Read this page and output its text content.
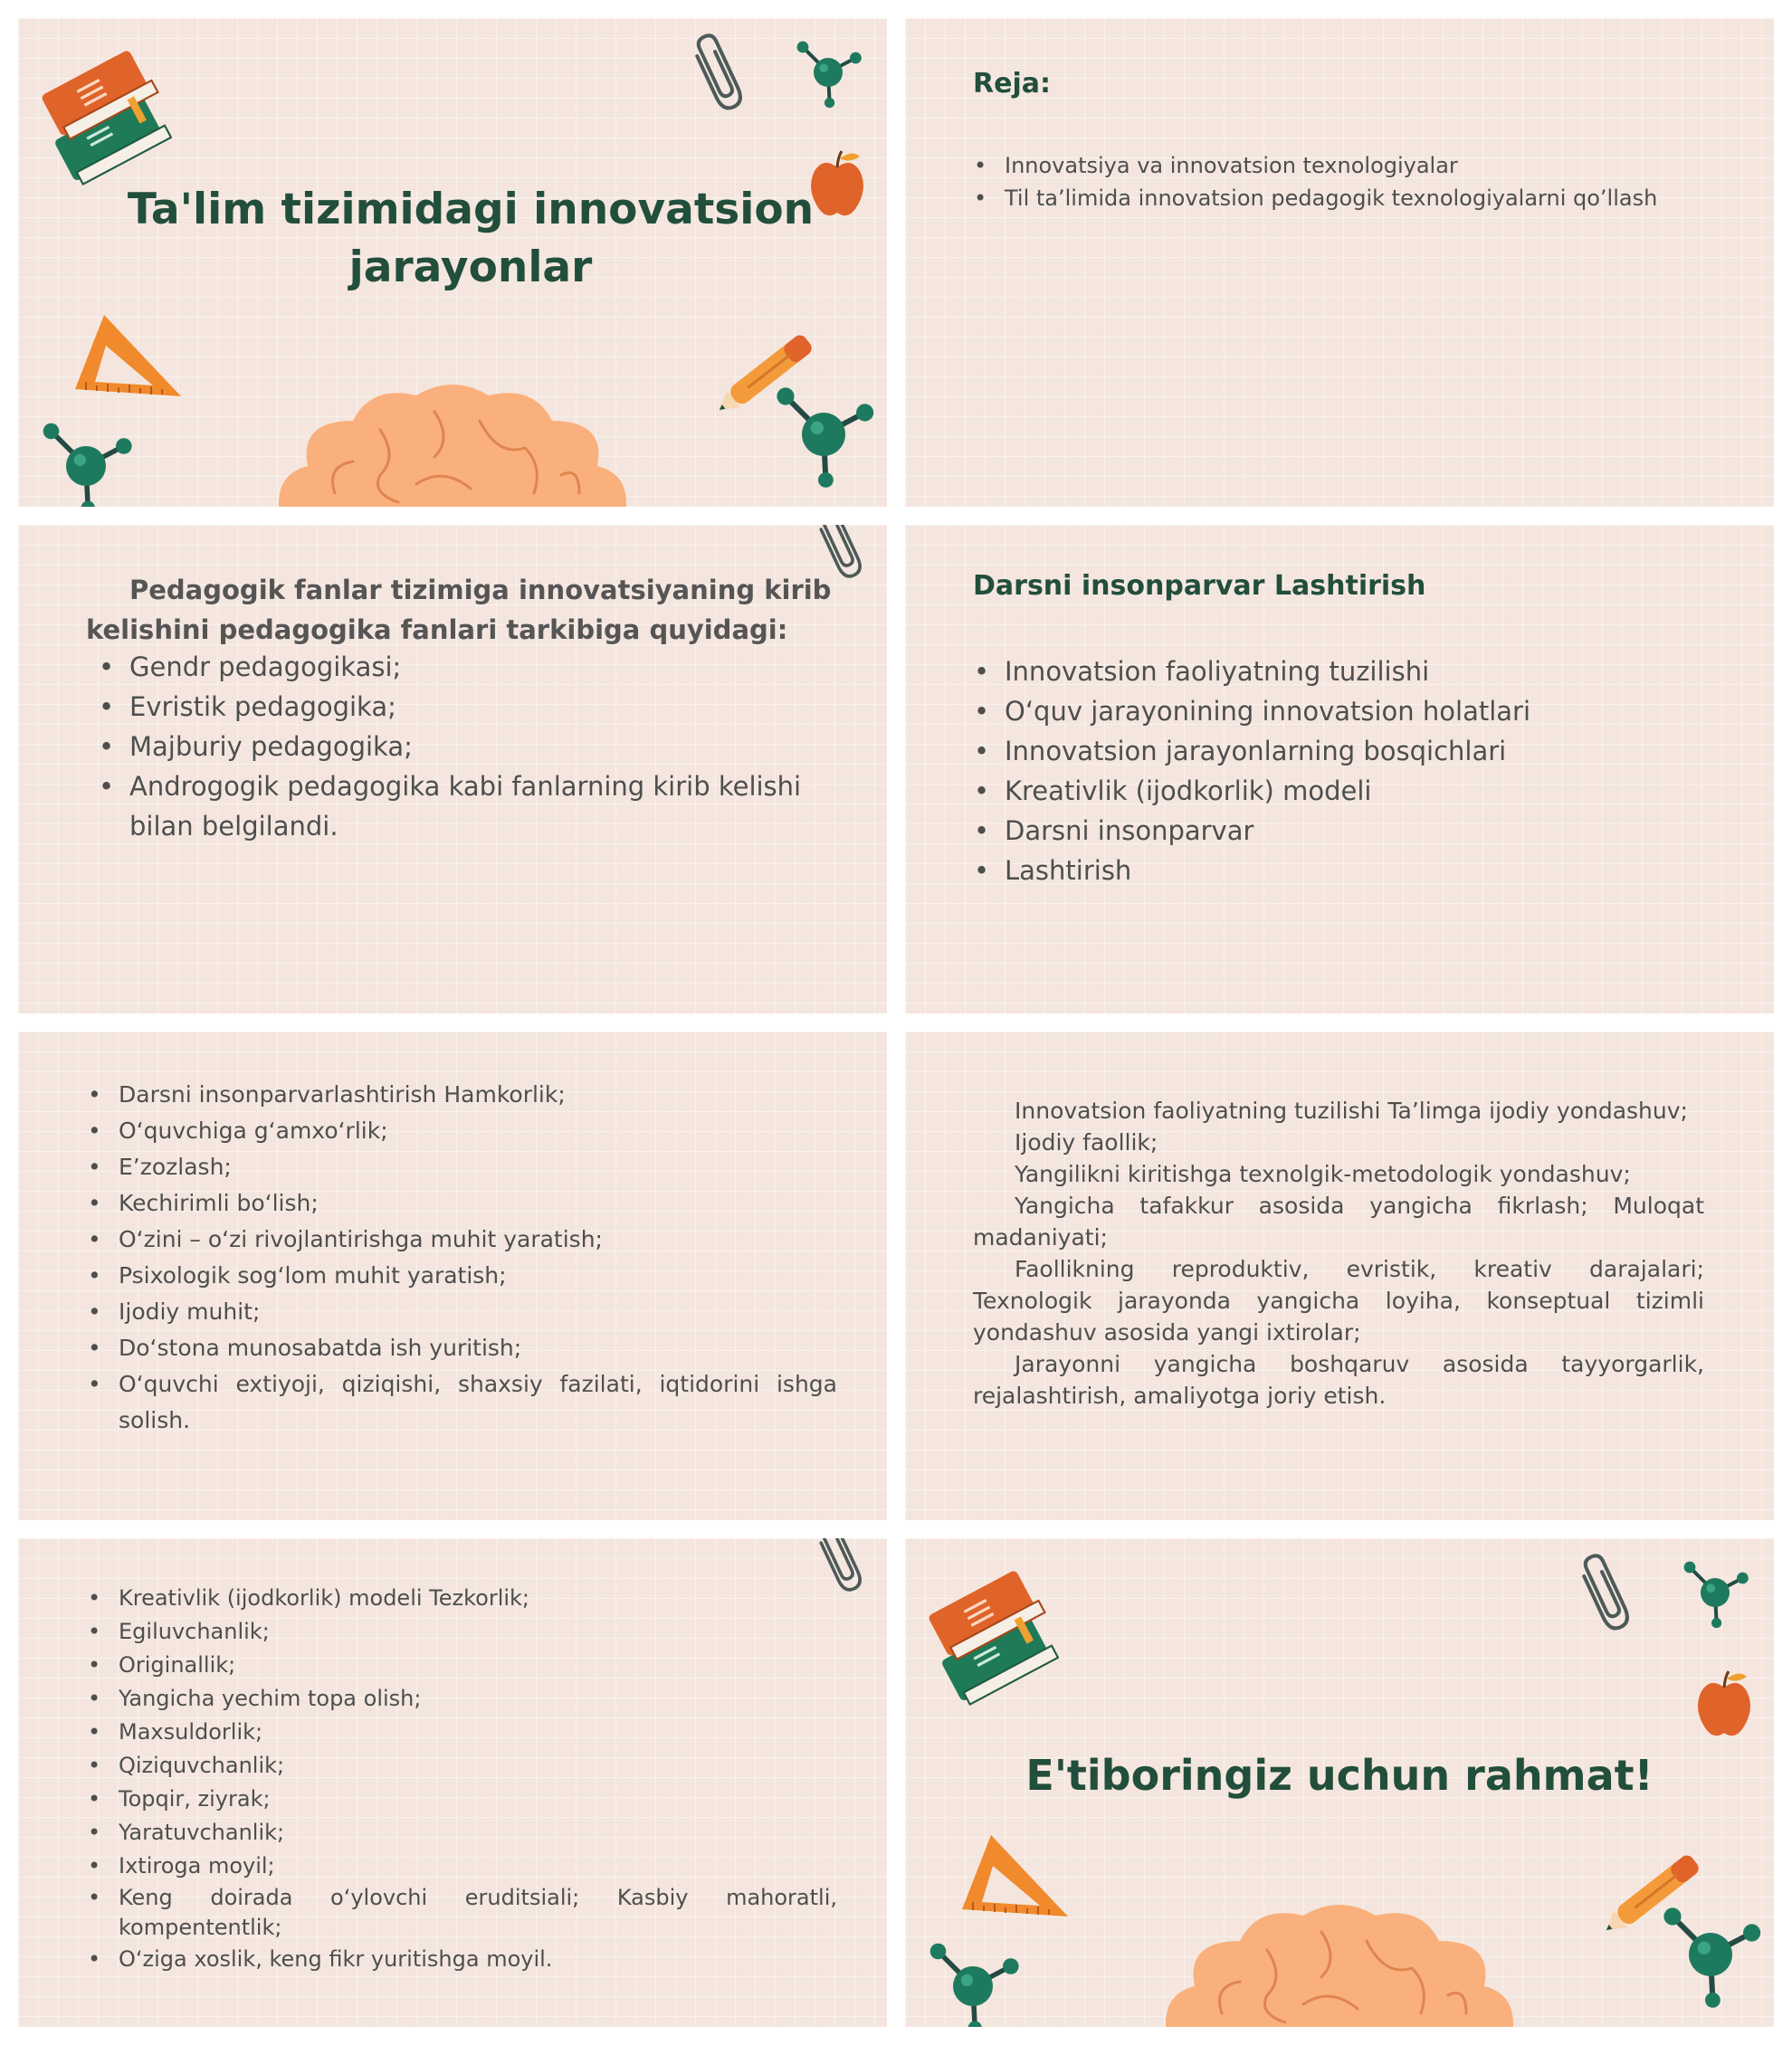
Ta'lim tizimidagi innovatsion jarayonlar
Reja:
• Innovatsiya va innovatsion texnologiyalar
• Til ta’limida innovatsion pedagogik texnologiyalarni qo’llash
Pedagogik fanlar tizimiga innovatsiyaning kirib kelishini pedagogika fanlari tarkibiga quyidagi:
• Gendr pedagogikasi;
• Evristik pedagogika;
• Majburiy pedagogika;
• Androgogik pedagogika kabi fanlarning kirib kelishi bilan belgilandi.
Darsni insonparvar Lashtirish
• Innovatsion faoliyatning tuzilishi
• O‘quv jarayonining innovatsion holatlari
• Innovatsion jarayonlarning bosqichlari
• Kreativlik (ijodkorlik) modeli
• Darsni insonparvar
• Lashtirish
• Darsni insonparvarlashtirish Hamkorlik;
• O‘quvchiga g‘amxo‘rlik;
• E’zozlash;
• Kechirimli bo‘lish;
• O‘zini – o‘zi rivojlantirishga muhit yaratish;
• Psixologik sog‘lom muhit yaratish;
• Ijodiy muhit;
• Do‘stona munosabatda ish yuritish;
• O‘quvchi extiyoji, qiziqishi, shaxsiy fazilati, iqtidorini ishga solish.

Innovatsion faoliyatning tuzilishi Ta’limga ijodiy yondashuv;

Ijodiy faollik;

Yangilikni kiritishga texnolgik-metodologik yondashuv;

Yangicha tafakkur asosida yangicha fikrlash; Muloqat madaniyati;

Faollikning reproduktiv, evristik, kreativ darajalari; Texnologik jarayonda yangicha loyiha, konseptual tizimli yondashuv asosida yangi ixtirolar;

Jarayonni yangicha boshqaruv asosida tayyorgarlik, rejalashtirish, amaliyotga joriy etish.

• Kreativlik (ijodkorlik) modeli Tezkorlik;
• Egiluvchanlik;
• Originallik;
• Yangicha yechim topa olish;
• Maxsuldorlik;
• Qiziquvchanlik;
• Topqir, ziyrak;
• Yaratuvchanlik;
• Ixtiroga moyil;
• Keng doirada o‘ylovchi eruditsiali; Kasbiy mahoratli, kompententlik;
• O‘ziga xoslik, keng fikr yuritishga moyil.
E'tiboringiz uchun rahmat!
